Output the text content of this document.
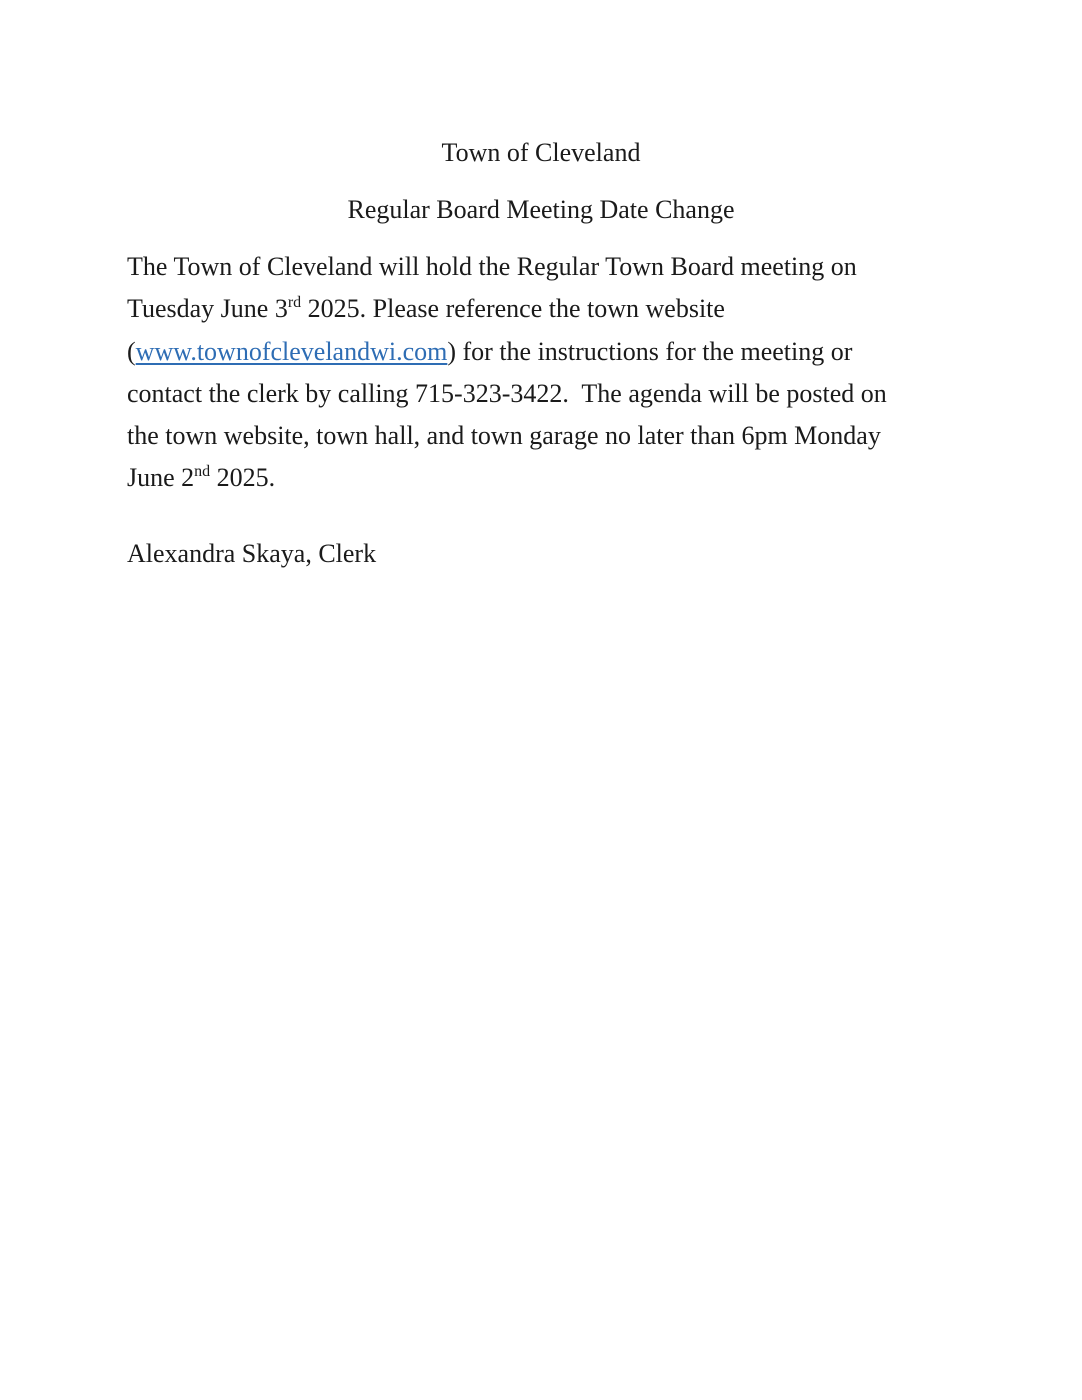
Town of Cleveland
Regular Board Meeting Date Change
The Town of Cleveland will hold the Regular Town Board meeting on
Tuesday June 3rd 2025. Please reference the town website
(www.townofclevelandwi.com) for the instructions for the meeting or
contact the clerk by calling 715-323-3422.  The agenda will be posted on
the town website, town hall, and town garage no later than 6pm Monday
June 2nd 2025.
Alexandra Skaya, Clerk
